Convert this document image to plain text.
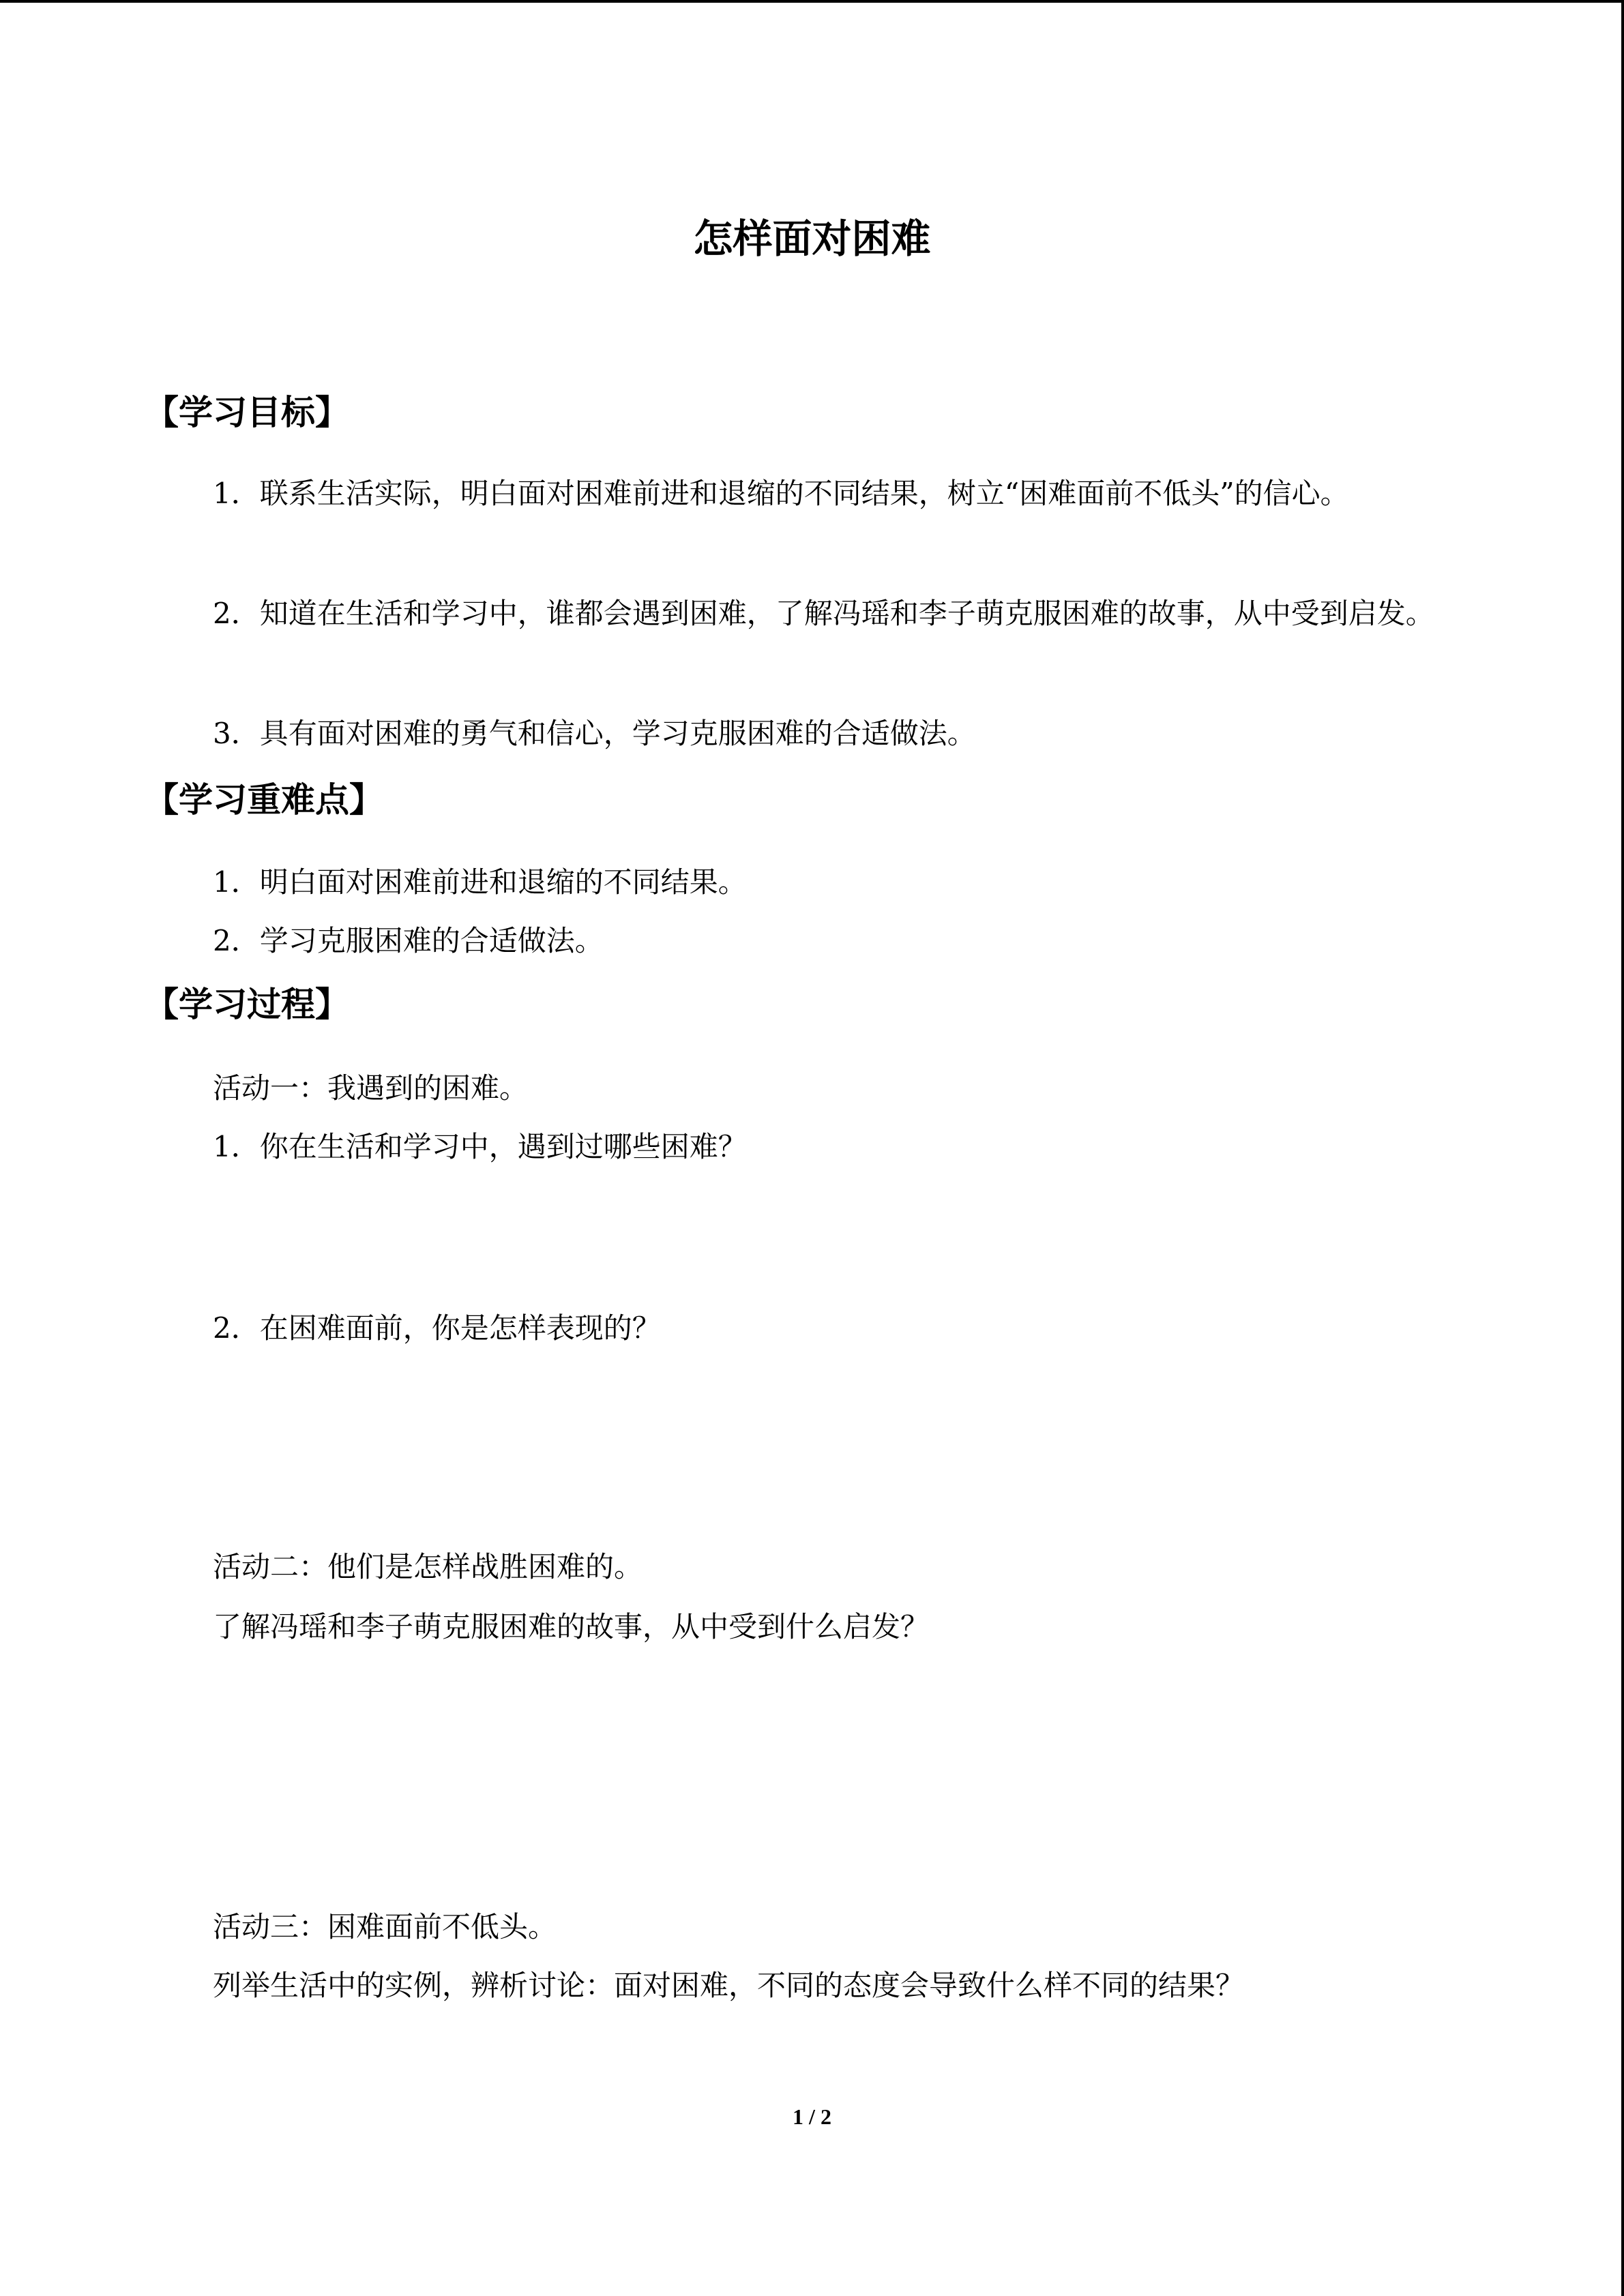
怎样面对困难
【学习目标】
1．联系生活实际，明白面对困难前进和退缩的不同结果，树立“困难面前不低头”的信心。
2．知道在生活和学习中，谁都会遇到困难，了解冯瑶和李子萌克服困难的故事，从中受到启发。
3．具有面对困难的勇气和信心，学习克服困难的合适做法。
【学习重难点】
1．明白面对困难前进和退缩的不同结果。
2．学习克服困难的合适做法。
【学习过程】
活动一：我遇到的困难。
1．你在生活和学习中，遇到过哪些困难？
2．在困难面前，你是怎样表现的？
活动二：他们是怎样战胜困难的。
了解冯瑶和李子萌克服困难的故事，从中受到什么启发？
活动三：困难面前不低头。
列举生活中的实例，辨析讨论：面对困难，不同的态度会导致什么样不同的结果？
1 / 2
